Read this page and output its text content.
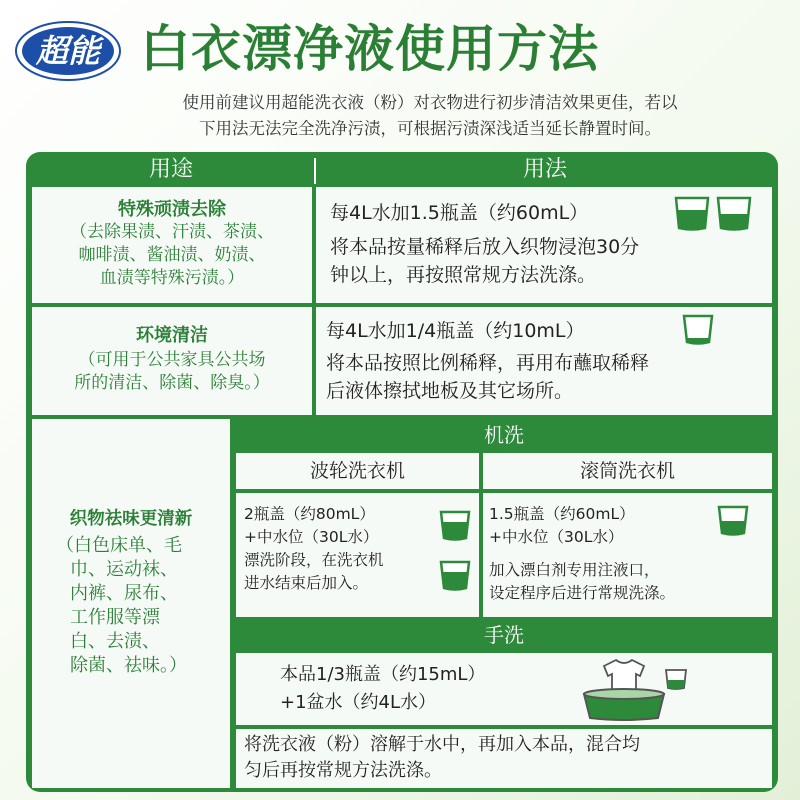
超能 白衣漂净液使用方法
使用前建议用超能洗衣液（粉）对衣物进行初步清洁效果更佳，若以
下用法无法完全洗净污渍，可根据污渍深浅适当延长静置时间。
用途	用法
特殊顽渍去除
（去除果渍、汗渍、茶渍、
咖啡渍、酱油渍、奶渍、
血渍等特殊污渍。）
每4L水加1.5瓶盖（约60mL）
将本品按量稀释后放入织物浸泡30分
钟以上，再按照常规方法洗涤。
环境清洁
（可用于公共家具公共场
所的清洁、除菌、除臭。）
每4L水加1/4瓶盖（约10mL）
将本品按照比例稀释，再用布蘸取稀释
后液体擦拭地板及其它场所。
织物祛味更清新
（白色床单、毛
巾、运动袜、
内裤、尿布、
工作服等漂
白、去渍、
除菌、祛味。）
机洗
波轮洗衣机	滚筒洗衣机
2瓶盖（约80mL）
+中水位（30L水）
漂洗阶段，在洗衣机
进水结束后加入。
1.5瓶盖（约60mL）
+中水位（30L水）
加入漂白剂专用注液口，
设定程序后进行常规洗涤。
手洗
本品1/3瓶盖（约15mL）
+1盆水（约4L水）
将洗衣液（粉）溶解于水中，再加入本品，混合均
匀后再按常规方法洗涤。
